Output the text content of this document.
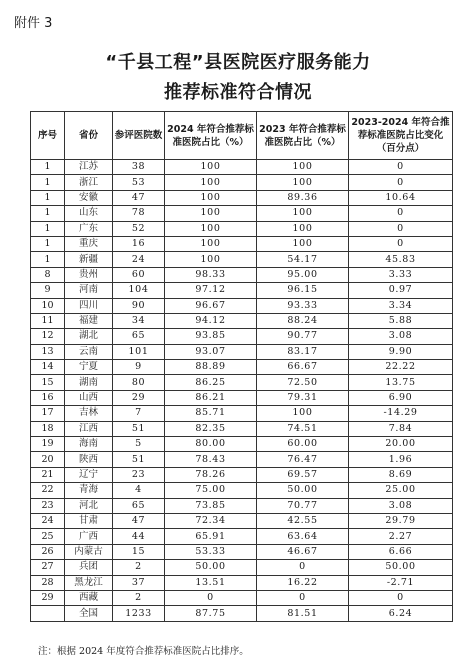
附件 3
“千县工程”县医院医疗服务能力
推荐标准符合情况
序号	省份	参评医院数	2024 年符合推荐标准医院占比（%）	2023 年符合推荐标准医院占比（%）	2023-2024 年符合推荐标准医院占比变化（百分点）
1	江苏	38	100	100	0
1	浙江	53	100	100	0
1	安徽	47	100	89.36	10.64
1	山东	78	100	100	0
1	广东	52	100	100	0
1	重庆	16	100	100	0
1	新疆	24	100	54.17	45.83
8	贵州	60	98.33	95.00	3.33
9	河南	104	97.12	96.15	0.97
10	四川	90	96.67	93.33	3.34
11	福建	34	94.12	88.24	5.88
12	湖北	65	93.85	90.77	3.08
13	云南	101	93.07	83.17	9.90
14	宁夏	9	88.89	66.67	22.22
15	湖南	80	86.25	72.50	13.75
16	山西	29	86.21	79.31	6.90
17	吉林	7	85.71	100	-14.29
18	江西	51	82.35	74.51	7.84
19	海南	5	80.00	60.00	20.00
20	陕西	51	78.43	76.47	1.96
21	辽宁	23	78.26	69.57	8.69
22	青海	4	75.00	50.00	25.00
23	河北	65	73.85	70.77	3.08
24	甘肃	47	72.34	42.55	29.79
25	广西	44	65.91	63.64	2.27
26	内蒙古	15	53.33	46.67	6.66
27	兵团	2	50.00	0	50.00
28	黑龙江	37	13.51	16.22	-2.71
29	西藏	2	0	0	0
	全国	1233	87.75	81.51	6.24
注：根据 2024 年度符合推荐标准医院占比排序。
